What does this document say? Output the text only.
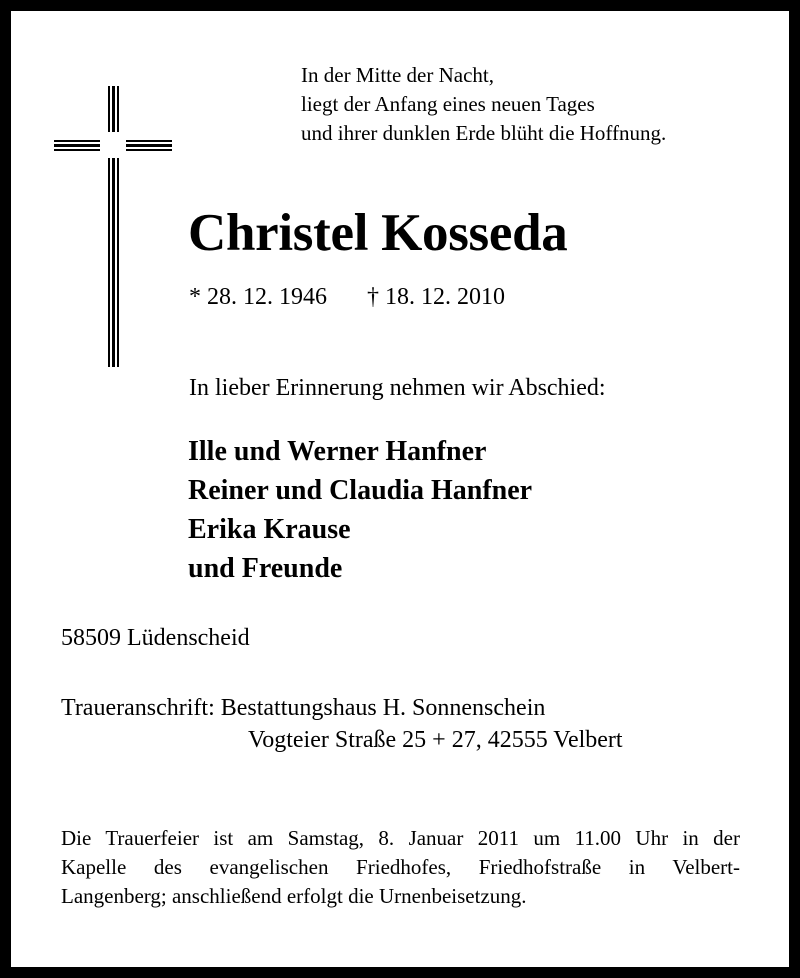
In der Mitte der Nacht,
liegt der Anfang eines neuen Tages
und ihrer dunklen Erde blüht die Hoffnung.
Christel Kosseda
* 28. 12. 1946 † 18. 12. 2010
In lieber Erinnerung nehmen wir Abschied:
Ille und Werner Hanfner
Reiner und Claudia Hanfner
Erika Krause
und Freunde
58509 Lüdenscheid
Traueranschrift: Bestattungshaus H. Sonnenschein
Vogteier Straße 25 + 27, 42555 Velbert
Die Trauerfeier ist am Samstag, 8. Januar 2011 um 11.00 Uhr in der
Kapelle des evangelischen Friedhofes, Friedhofstraße in Velbert-
Langenberg; anschließend erfolgt die Urnenbeisetzung.
